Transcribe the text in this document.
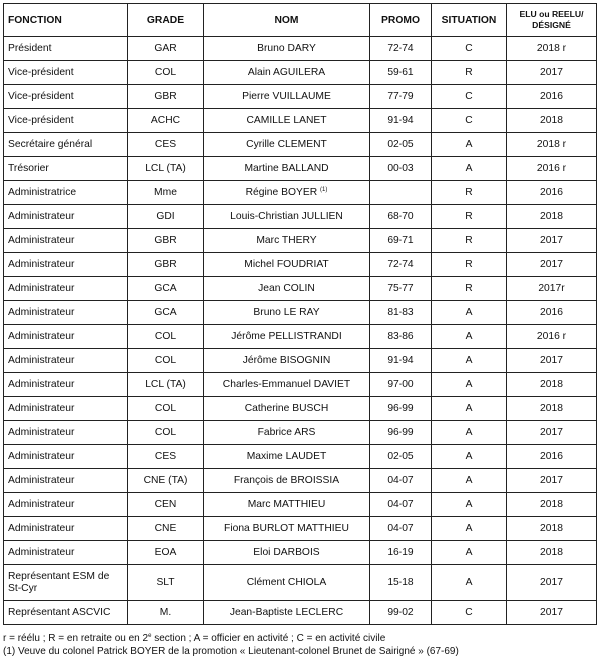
FONCTION	GRADE	NOM	PROMO	SITUATION	ELU ou REELU/
DÉSIGNÉ
Président	GAR	Bruno DARY	72-74	C	2018 r
Vice-président	COL	Alain AGUILERA	59-61	R	2017
Vice-président	GBR	Pierre VUILLAUME	77-79	C	2016
Vice-président	ACHC	CAMILLE LANET	91-94	C	2018
Secrétaire général	CES	Cyrille CLEMENT	02-05	A	2018 r
Trésorier	LCL (TA)	Martine BALLAND	00-03	A	2016 r
Administratrice	Mme	Régine BOYER $^{(1)}$		R	2016
Administrateur	GDI	Louis-Christian JULLIEN	68-70	R	2018
Administrateur	GBR	Marc THERY	69-71	R	2017
Administrateur	GBR	Michel FOUDRIAT	72-74	R	2017
Administrateur	GCA	Jean COLIN	75-77	R	2017r
Administrateur	GCA	Bruno LE RAY	81-83	A	2016
Administrateur	COL	Jérôme PELLISTRANDI	83-86	A	2016 r
Administrateur	COL	Jérôme BISOGNIN	91-94	A	2017
Administrateur	LCL (TA)	Charles-Emmanuel DAVIET	97-00	A	2018
Administrateur	COL	Catherine BUSCH	96-99	A	2018
Administrateur	COL	Fabrice ARS	96-99	A	2017
Administrateur	CES	Maxime LAUDET	02-05	A	2016
Administrateur	CNE (TA)	François de BROISSIA	04-07	A	2017
Administrateur	CEN	Marc MATTHIEU	04-07	A	2018
Administrateur	CNE	Fiona BURLOT MATTHIEU	04-07	A	2018
Administrateur	EOA	Eloi DARBOIS	16-19	A	2018
Représentant ESM de St-Cyr	SLT	Clément CHIOLA	15-18	A	2017
Représentant ASCVIC	M.	Jean-Baptiste LECLERC	99-02	C	2017
r = réélu ; R = en retraite ou en 2e section ; A = officier en activité ; C = en activité civile
(1) Veuve du colonel Patrick BOYER de la promotion « Lieutenant-colonel Brunet de Sairigné » (67-69)
